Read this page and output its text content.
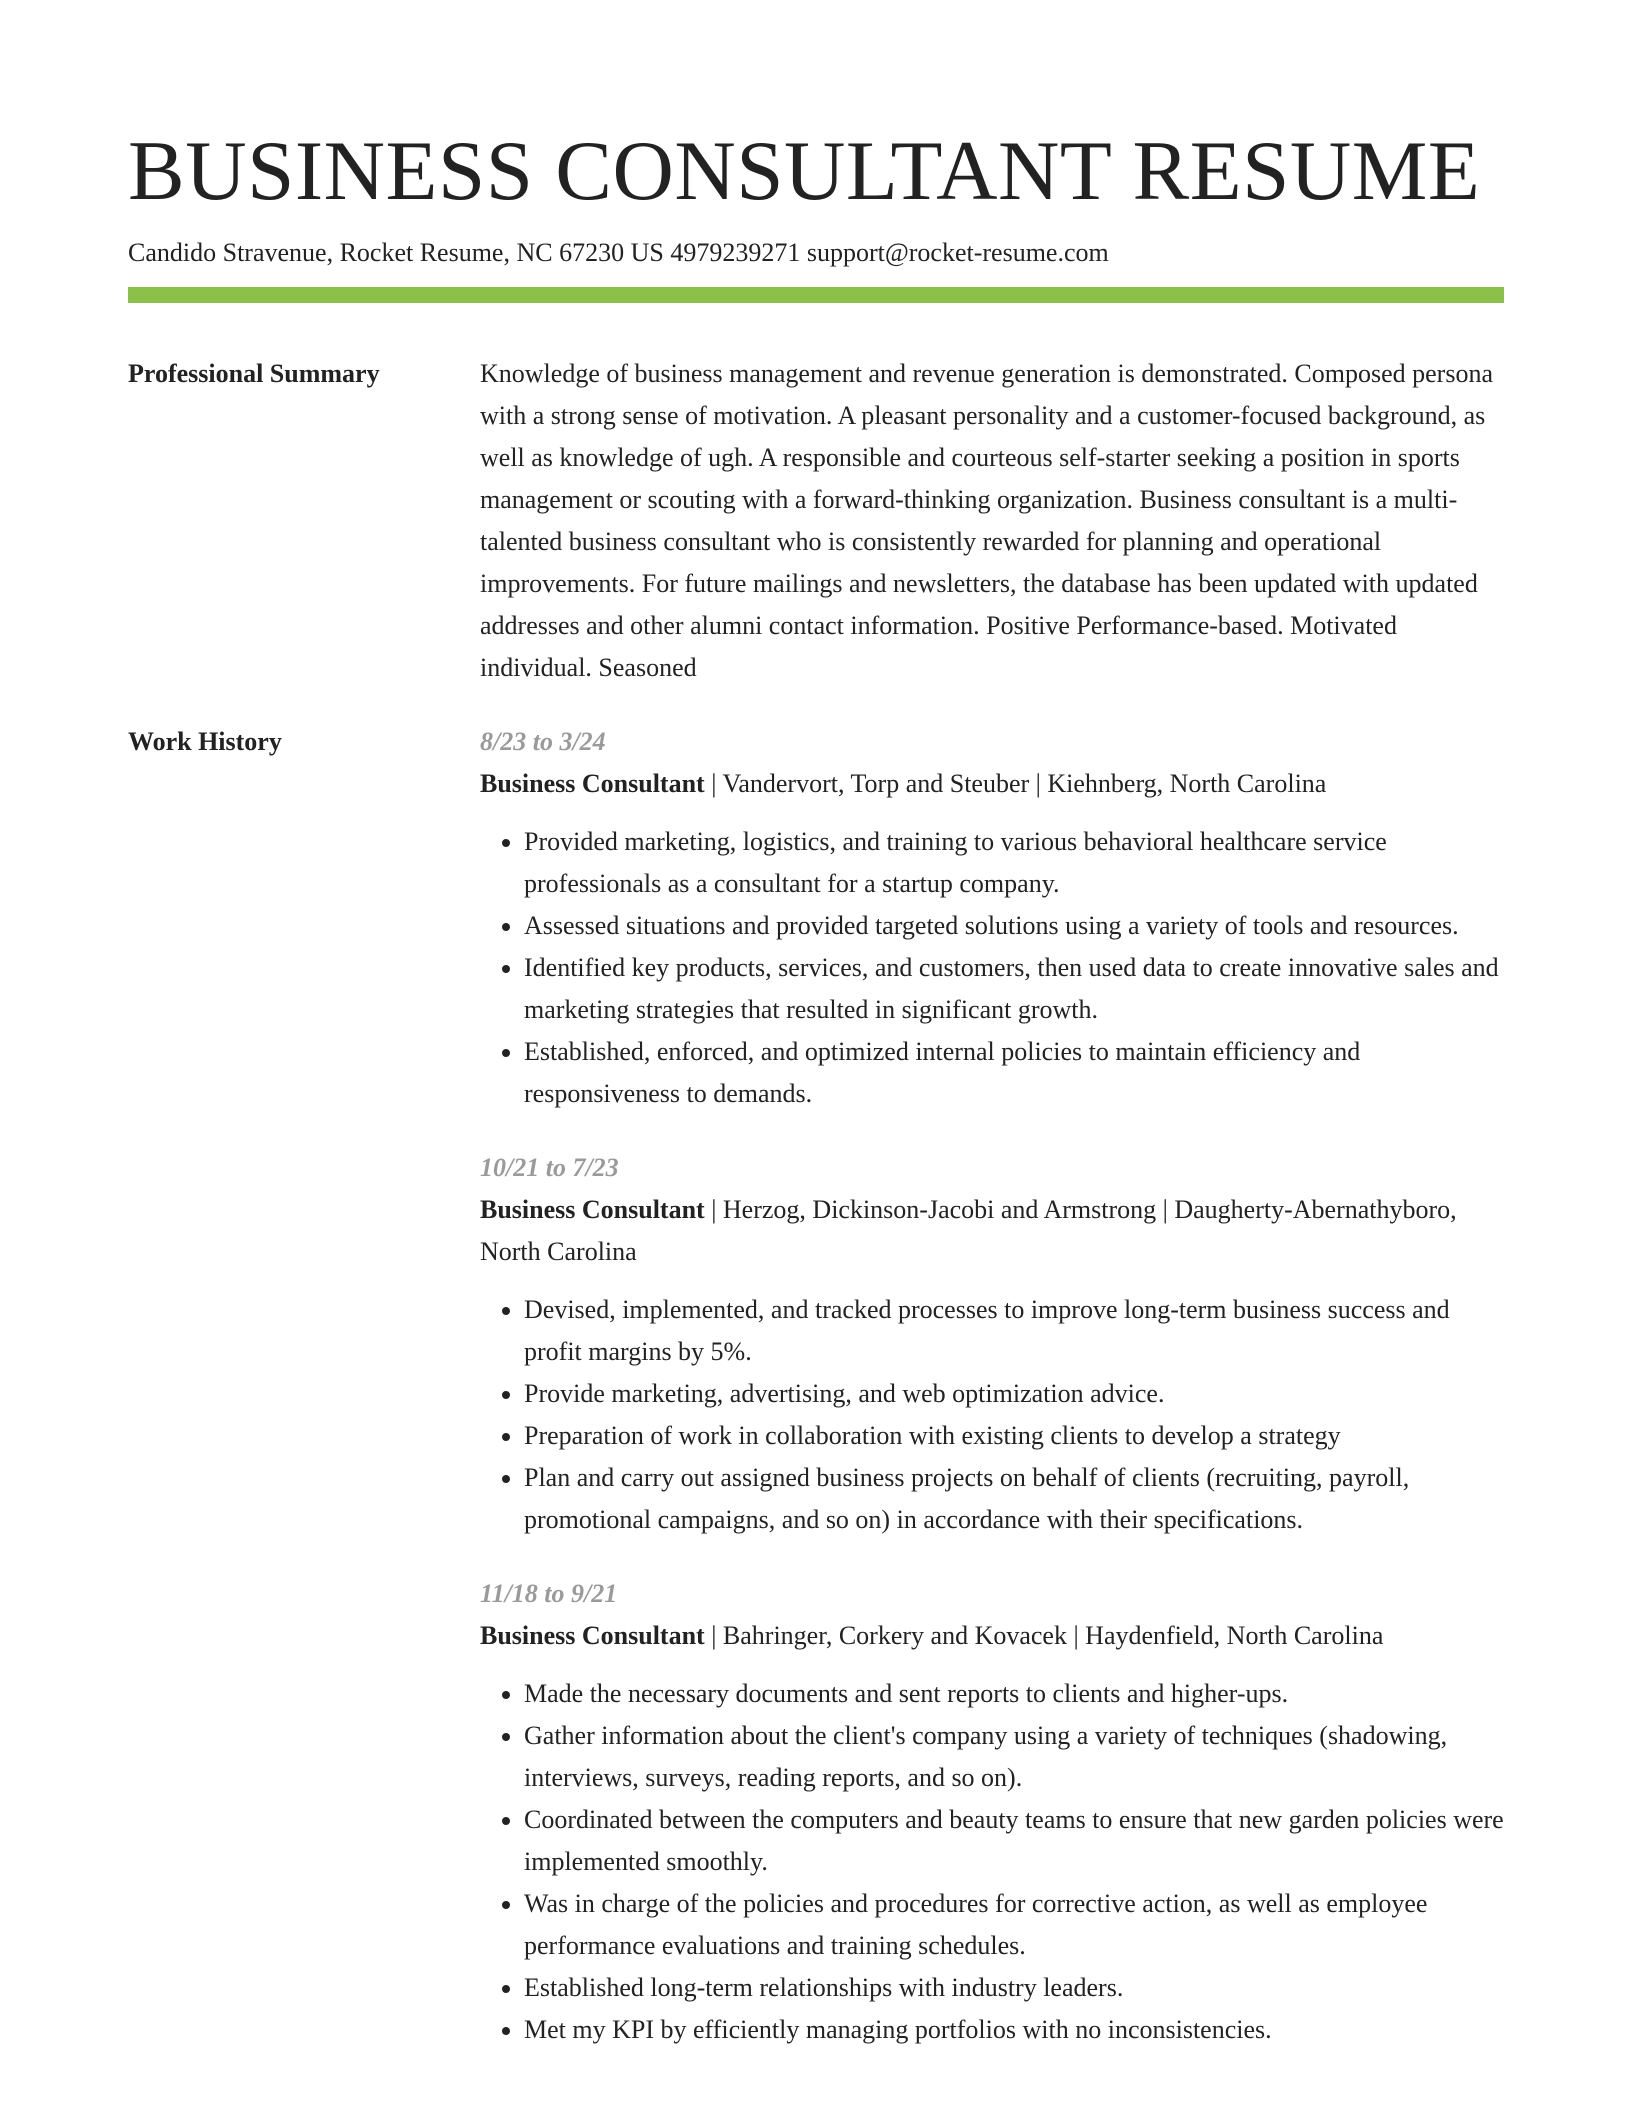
BUSINESS CONSULTANT RESUME
Candido Stravenue, Rocket Resume, NC 67230 US 4979239271 support@rocket-resume.com
Professional Summary	Knowledge of business management and revenue generation is demonstrated. Composed persona with a strong sense of motivation. A pleasant personality and a customer-focused background, as well as knowledge of ugh. A responsible and courteous self-starter seeking a position in sports management or scouting with a forward-thinking organization. Business consultant is a multi-talented business consultant who is consistently rewarded for planning and operational improvements. For future mailings and newsletters, the database has been updated with updated addresses and other alumni contact information. Positive Performance-based. Motivated individual. Seasoned

Work History	8/23 to 3/24
Business Consultant | Vandervort, Torp and Steuber | Kiehnberg, North Carolina
• Provided marketing, logistics, and training to various behavioral healthcare service professionals as a consultant for a startup company.
• Assessed situations and provided targeted solutions using a variety of tools and resources.
• Identified key products, services, and customers, then used data to create innovative sales and marketing strategies that resulted in significant growth.
• Established, enforced, and optimized internal policies to maintain efficiency and responsiveness to demands.
10/21 to 7/23
Business Consultant | Herzog, Dickinson-Jacobi and Armstrong | Daugherty-Abernathyboro, North Carolina
• Devised, implemented, and tracked processes to improve long-term business success and profit margins by 5%.
• Provide marketing, advertising, and web optimization advice.
• Preparation of work in collaboration with existing clients to develop a strategy
• Plan and carry out assigned business projects on behalf of clients (recruiting, payroll, promotional campaigns, and so on) in accordance with their specifications.
11/18 to 9/21
Business Consultant | Bahringer, Corkery and Kovacek | Haydenfield, North Carolina
• Made the necessary documents and sent reports to clients and higher-ups.
• Gather information about the client's company using a variety of techniques (shadowing, interviews, surveys, reading reports, and so on).
• Coordinated between the computers and beauty teams to ensure that new garden policies were implemented smoothly.
• Was in charge of the policies and procedures for corrective action, as well as employee performance evaluations and training schedules.
• Established long-term relationships with industry leaders.
• Met my KPI by efficiently managing portfolios with no inconsistencies.
